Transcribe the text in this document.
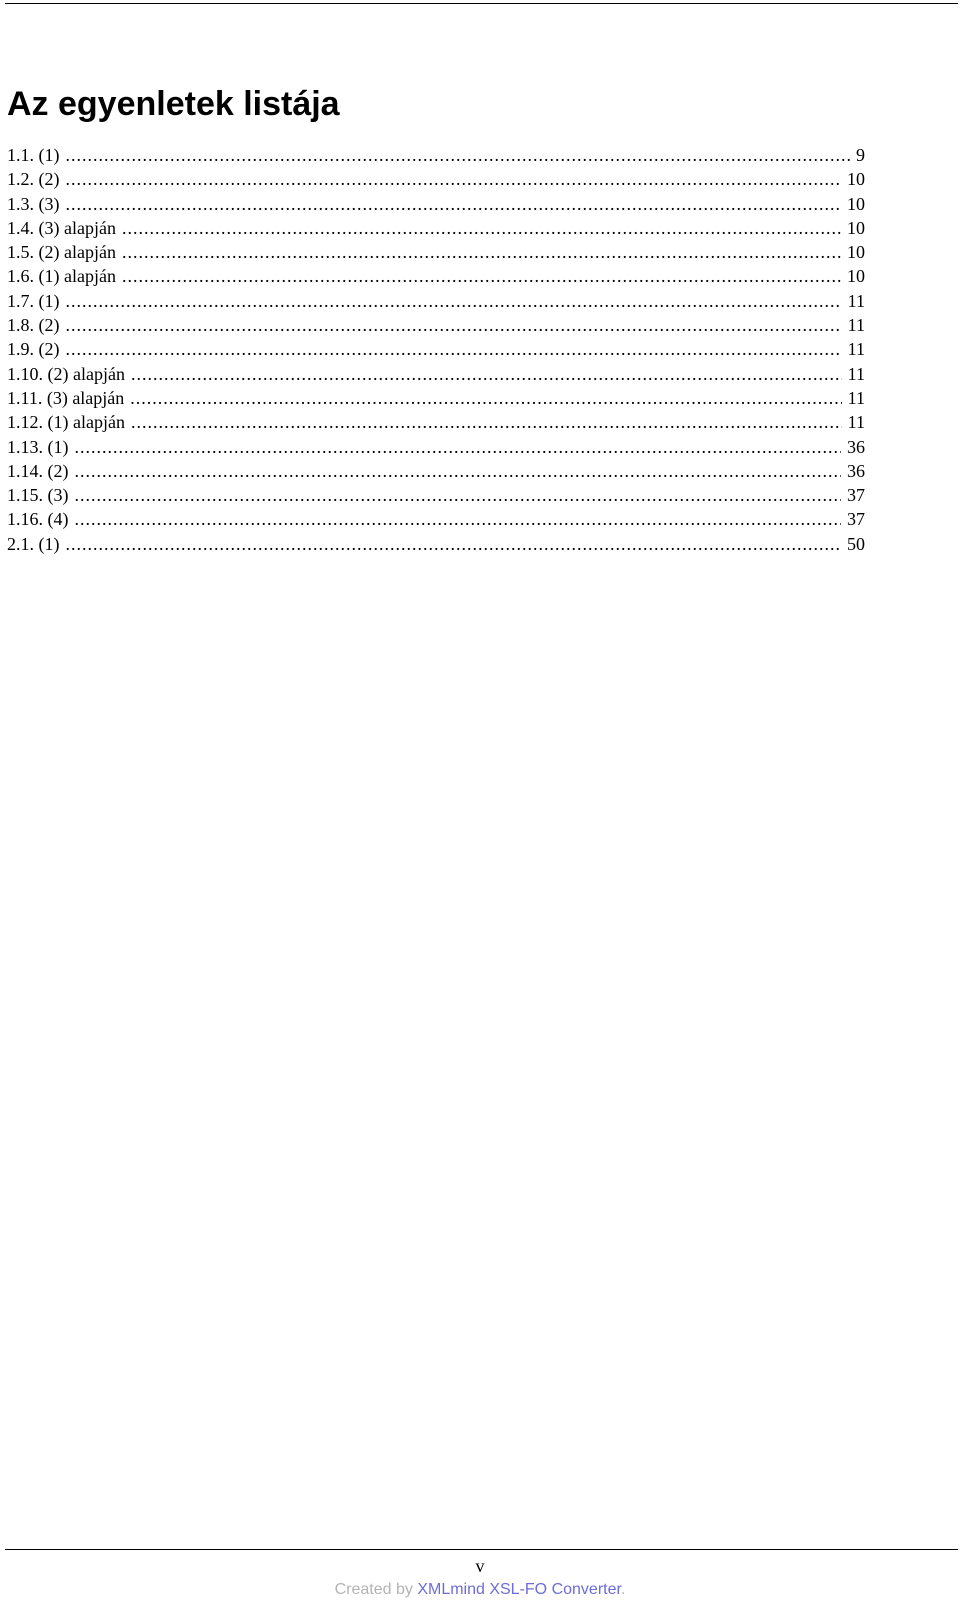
Az egyenletek listája
1.1. (1) .....	9
1.2. (2) .....	10
1.3. (3) .....	10
1.4. (3) alapján .....	10
1.5. (2) alapján .....	10
1.6. (1) alapján .....	10
1.7. (1) .....	11
1.8. (2) .....	11
1.9. (2) .....	11
1.10. (2) alapján .....	11
1.11. (3) alapján .....	11
1.12. (1) alapján .....	11
1.13. (1) .....	36
1.14. (2) .....	36
1.15. (3) .....	37
1.16. (4) .....	37
2.1. (1) .....	50
v
Created by XMLmind XSL-FO Converter.
